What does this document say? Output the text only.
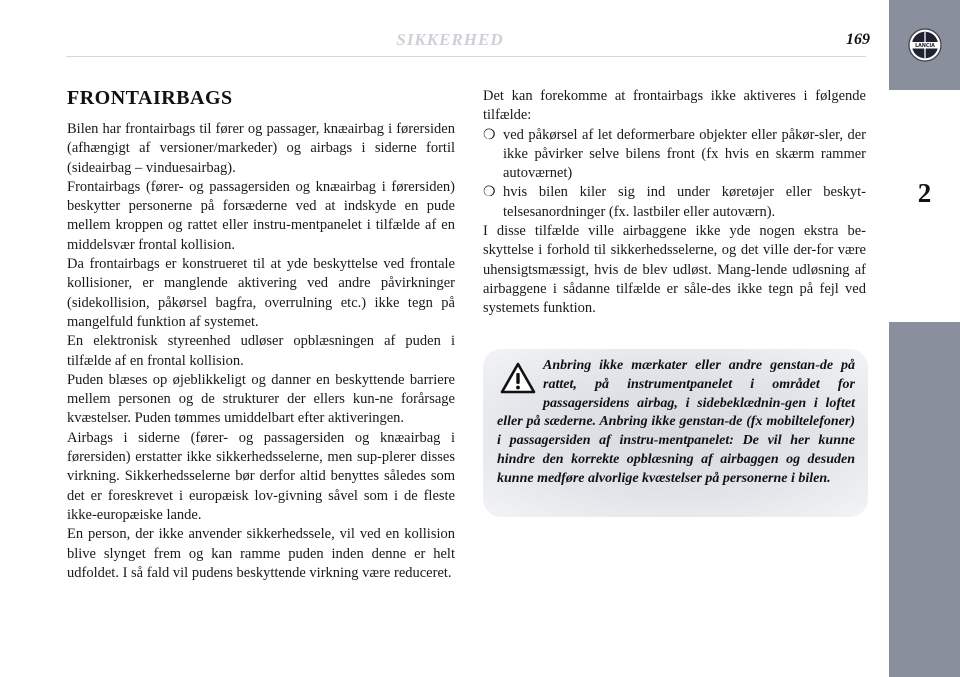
SIKKERHED	169
2
LANCIA
FRONTAIRBAGS

Bilen har frontairbags til fører og passager, knæairbag i førersiden (afhængigt af versioner/markeder) og airbags i siderne fortil (sideairbag – vinduesairbag).

Frontairbags (fører- og passagersiden og knæairbag i førersiden) beskytter personerne på forsæderne ved at indskyde en pude mellem kroppen og rattet eller instru-mentpanelet i tilfælde af en middelsvær frontal kollision.

Da frontairbags er konstrueret til at yde beskyttelse ved frontale kollisioner, er manglende aktivering ved andre påvirkninger (sidekollision, påkørsel bagfra, overrulning etc.) ikke tegn på mangelfuld funktion af systemet.

En elektronisk styreenhed udløser opblæsningen af puden i tilfælde af en frontal kollision.

Puden blæses op øjeblikkeligt og danner en beskyttende barriere mellem personen og de strukturer der ellers kun-ne forårsage kvæstelser. Puden tømmes umiddelbart efter aktiveringen.

Airbags i siderne (fører- og passagersiden og knæairbag i førersiden) erstatter ikke sikkerhedsselerne, men sup-plerer disses virkning. Sikkerhedsselerne bør derfor altid benyttes således som det er foreskrevet i europæisk lov-givning såvel som i de fleste ikke-europæiske lande.

En person, der ikke anvender sikkerhedssele, vil ved en kollision blive slynget frem og kan ramme puden inden denne er helt udfoldet. I så fald vil pudens beskyttende virkning være reduceret.

Det kan forekomme at frontairbags ikke aktiveres i følgende tilfælde:

❍ ved påkørsel af let deformerbare objekter eller påkør-sler, der ikke påvirker selve bilens front (fx hvis en skærm rammer autoværnet)
❍ hvis bilen kiler sig ind under køretøjer eller beskyt-telsesanordninger (fx. lastbiler eller autoværn).

I disse tilfælde ville airbaggene ikke yde nogen ekstra be-skyttelse i forhold til sikkerhedsselerne, og det ville der-for være uhensigtsmæssigt, hvis de blev udløst. Mang-lende udløsning af airbaggene i sådanne tilfælde er såle-des ikke tegn på fejl ved systemets funktion.

Anbring ikke mærkater eller andre genstan-de på rattet, på instrumentpanelet i området for passagersidens airbag, i sidebeklædnin-gen i loftet eller på sæderne. Anbring ikke genstan-de (fx mobiltelefoner) i passagersiden af instru-mentpanelet: De vil her kunne hindre den korrekte opblæsning af airbaggen og desuden kunne medføre alvorlige kvæstelser på personerne i bilen.
